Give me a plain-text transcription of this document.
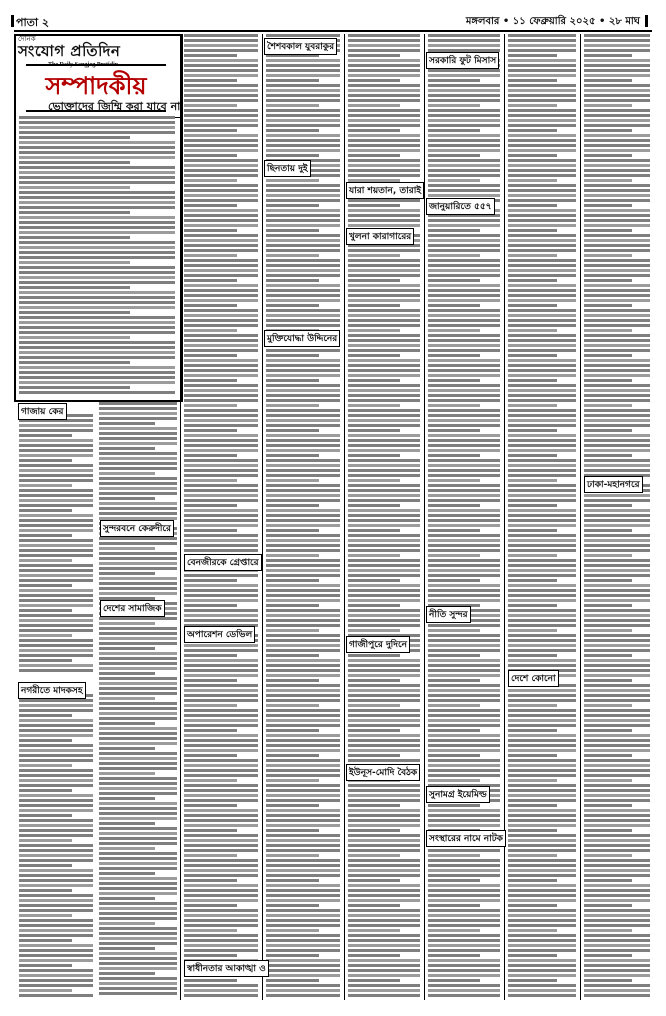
পাতা ২	মঙ্গলবার • ১১ ফেব্রুয়ারি ২০২৫ • ২৮ মাঘ
দৈনিক
সংযোগ প্রতিদিন
The Daily Sangjog Protidin
সম্পাদকীয়
ভোক্তাদের জিম্মি করা যাবে না
গাজায় কের
নগরীতে মাদকসহ
শৈশবকাল যুবরাকুর
ছিনতায় দুই
মুক্তিযোদ্ধা উদ্দিনের
সুন্দরবনে কেরুদীরে
দেশের সামাজিক
বেনজীরকে গ্রেপ্তারে
অপারেশন ডেভিল
স্বাধীনতার আকাঙ্খা ও
যারা শয়তান, তারাই
খুলনা কারাগারের
গাজীপুরে দুদিনে
ইউনূস-মোদি বৈঠক
সরকারি ফুট মিসাস
জানুয়ারিতে ৫৫৭
নীতি সুন্দর
দেশে কোনো
সুনামগ্র ইয়েমিল্ড
সংস্থারের নামে নাটক
ঢাকা-মহানগরে
